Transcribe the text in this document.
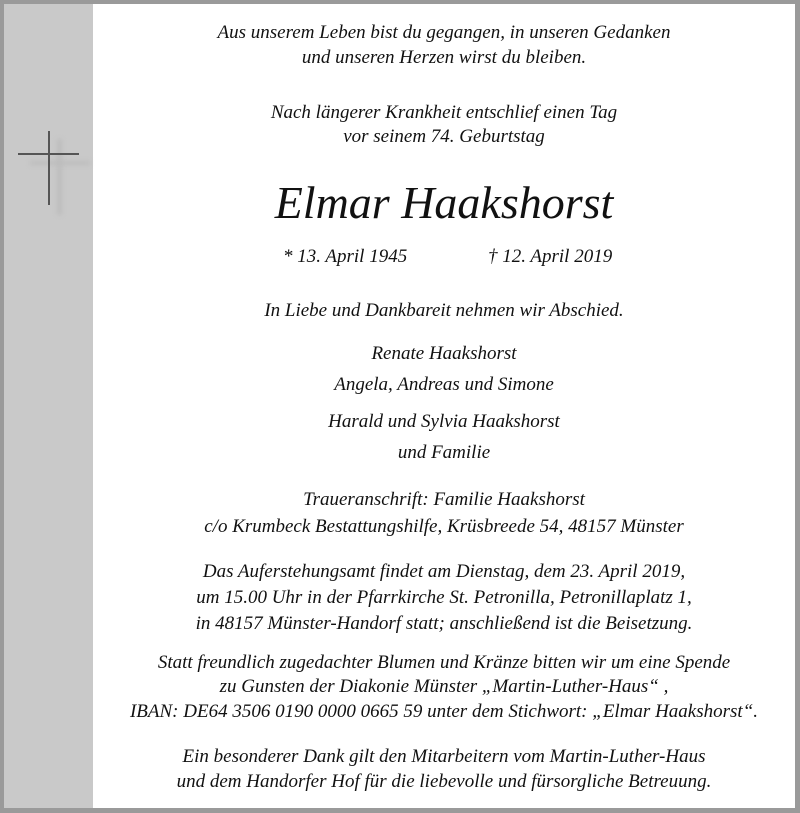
Aus unserem Leben bist du gegangen, in unseren Gedanken
und unseren Herzen wirst du bleiben.
Nach längerer Krankheit entschlief einen Tag
vor seinem 74. Geburtstag
Elmar Haakshorst
* 13. April 1945	† 12. April 2019
In Liebe und Dankbareit nehmen wir Abschied.
Renate Haakshorst
Angela, Andreas und Simone
Harald und Sylvia Haakshorst
und Familie
Traueranschrift: Familie Haakshorst
c/o Krumbeck Bestattungshilfe, Krüsbreede 54, 48157 Münster
Das Auferstehungsamt findet am Dienstag, dem 23. April 2019,
um 15.00 Uhr in der Pfarrkirche St. Petronilla, Petronillaplatz 1,
in 48157 Münster-Handorf statt; anschließend ist die Beisetzung.
Statt freundlich zugedachter Blumen und Kränze bitten wir um eine Spende
zu Gunsten der Diakonie Münster „Martin-Luther-Haus“ ,
IBAN: DE64 3506 0190 0000 0665 59 unter dem Stichwort: „Elmar Haakshorst“.
Ein besonderer Dank gilt den Mitarbeitern vom Martin-Luther-Haus
und dem Handorfer Hof für die liebevolle und fürsorgliche Betreuung.
